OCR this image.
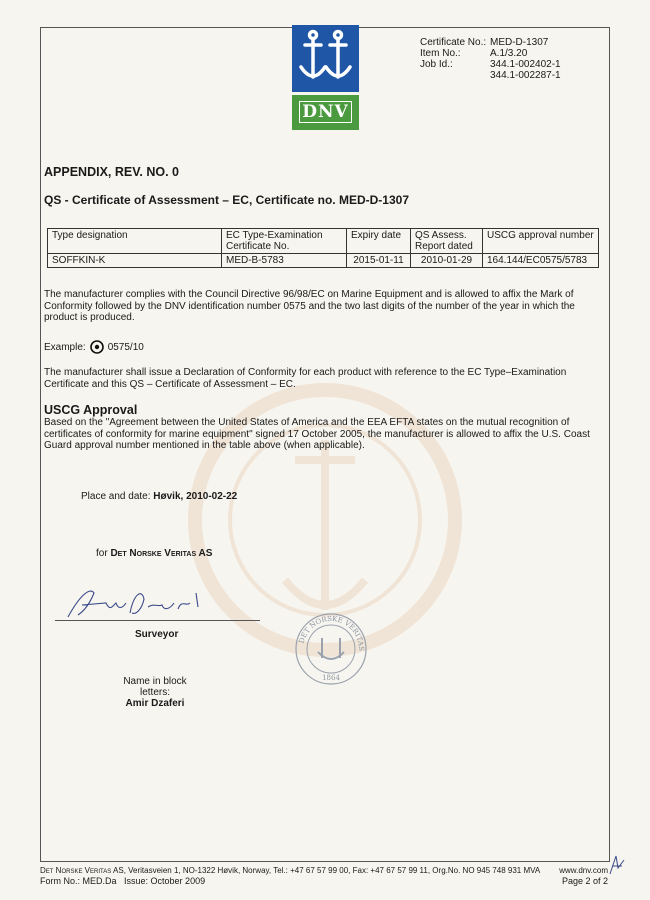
DNV
Certificate No.: MED-D-1307
Item No.:	A.1/3.20
Job Id.:	344.1-002402-1
344.1-002287-1
APPENDIX, REV. NO. 0
QS - Certificate of Assessment – EC, Certificate no. MED-D-1307
Type designation	EC Type-Examination Certificate No.	Expiry date	QS Assess. Report dated	USCG approval number
SOFFKIN-K	MED-B-5783	2015-01-11	2010-01-29	164.144/EC0575/5783
The manufacturer complies with the Council Directive 96/98/EC on Marine Equipment and is allowed to affix the Mark of Conformity followed by the DNV identification number 0575 and the two last digits of the number of the year in which the product is produced.
Example: 0575/10
The manufacturer shall issue a Declaration of Conformity for each product with reference to the EC Type–Examination Certificate and this QS – Certificate of Assessment – EC.
USCG Approval
Based on the "Agreement between the United States of America and the EEA EFTA states on the mutual recognition of certificates of conformity for marine equipment" signed 17 October 2005, the manufacturer is allowed to affix the U.S. Coast Guard approval number mentioned in the table above (when applicable).
Place and date: Høvik, 2010-02-22
for Det Norske Veritas AS
Surveyor
Name in block letters:
Amir Dzaferi
DET NORSKE VERITAS
1864
Det Norske Veritas AS, Veritasveien 1, NO-1322 Høvik, Norway, Tel.: +47 67 57 99 00, Fax: +47 67 57 99 11, Org.No. NO 945 748 931 MVA www.dnv.com
Form No.: MED.Da Issue: October 2009	Page 2 of 2
